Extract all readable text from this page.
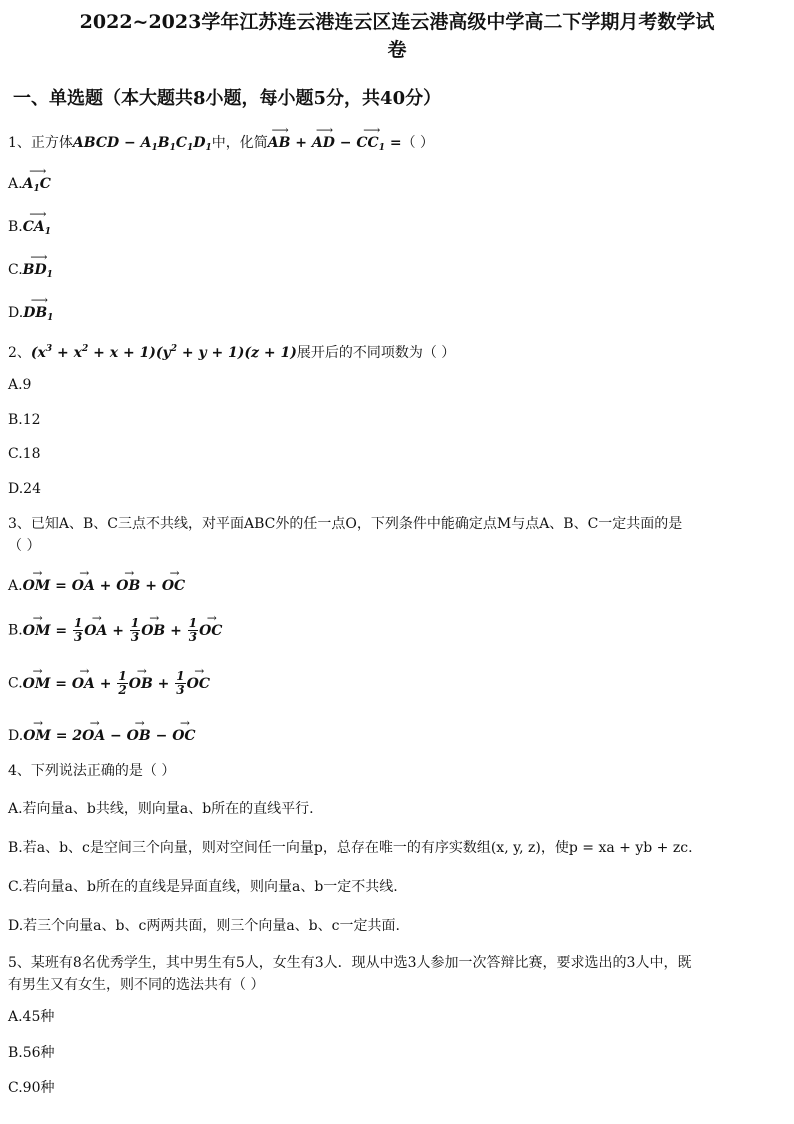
2022~2023学年江苏连云港连云区连云港高级中学高二下学期月考数学试
卷
一、单选题（本大题共8小题，每小题5分，共40分）
1、正方体ABCD − $A_1B_1C_1D_1$中，化简⟶ AB + ⟶ AD − ⟶ $CC_1$ =（ ）
A.⟶ $A_1C$
B.⟶ $CA_1$
C.⟶ $BD_1$
D.⟶ $DB_1$
2、$(x^3 + x^2 + x + 1)(y^2 + y + 1)(z + 1)$展开后的不同项数为（ ）
A.9
B.12
C.18
D.24
3、已知A、B、C三点不共线，对平面ABC外的任一点O，下列条件中能确定点M与点A、B、C一定共面的是
（ ）
A.→ OM = → OA + → OB + → OC
B.→ OM = $\frac{1}{3}$ → OA + $\frac{1}{3}$ → OB + $\frac{1}{3}$ → OC
C.→ OM = → OA + $\frac{1}{2}$ → OB + $\frac{1}{3}$ → OC
D.→ OM = 2→ OA − → OB − → OC
4、下列说法正确的是（ ）
A.若向量a、b共线，则向量a、b所在的直线平行.
B.若a、b、c是空间三个向量，则对空间任一向量p，总存在唯一的有序实数组(x, y, z)，使p = xa + yb + zc.
C.若向量a、b所在的直线是异面直线，则向量a、b一定不共线.
D.若三个向量a、b、c两两共面，则三个向量a、b、c一定共面.
5、某班有8名优秀学生，其中男生有5人，女生有3人．现从中选3人参加一次答辩比赛，要求选出的3人中，既
有男生又有女生，则不同的选法共有（ ）
A.45种
B.56种
C.90种
